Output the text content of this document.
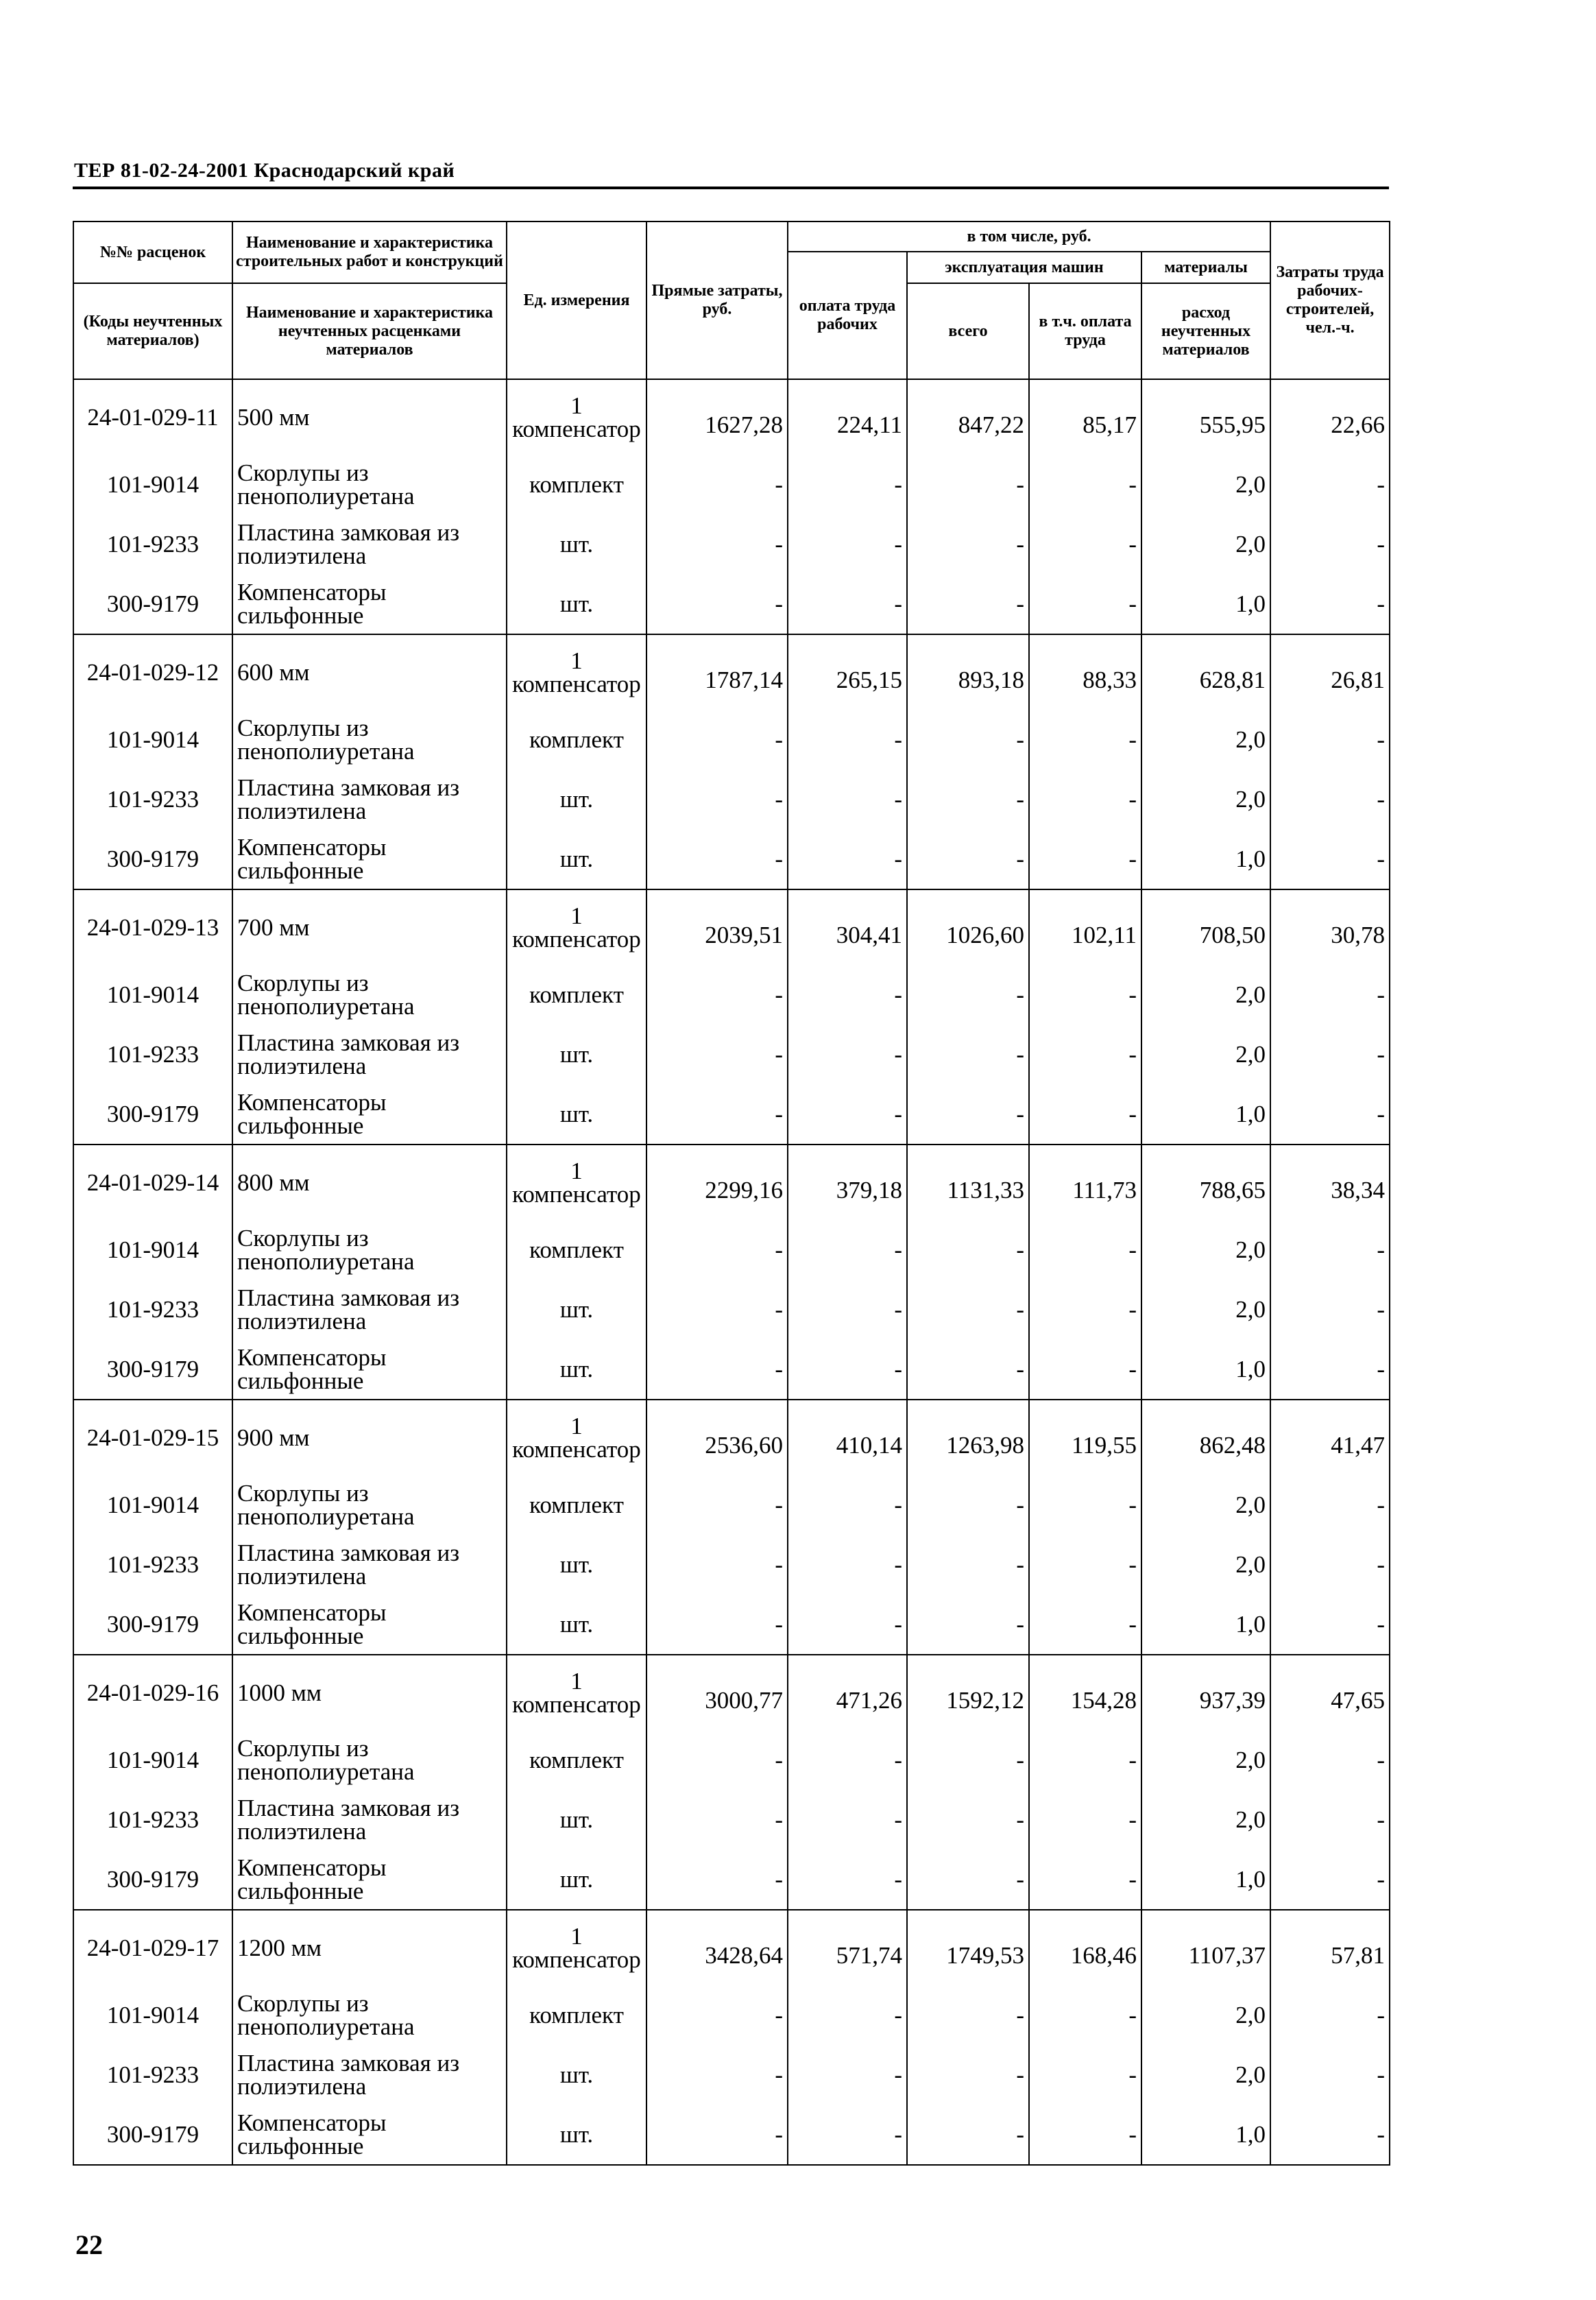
ТЕР 81-02-24-2001 Краснодарский край
№№ расценок	Наименование и характеристика строительных работ и конструкций	Ед. измерения	Прямые затраты, руб.	в том числе, руб.				Затраты труда рабочих-строителей, чел.-ч.
				оплата труда рабочих	эксплуатация машин		материалы	
					всего	в т.ч. оплата труда	расход неучтенных материалов	
(Коды неучтенных материалов)	Наименование и характеристика неучтенных расценками материалов							
24-01-029-11	500 мм	1 компенсатор	1627,28	224,11	847,22	85,17	555,95	22,66
101-9014	Скорлупы из пенополиуретана	комплект	-	-	-	-	2,0	-
101-9233	Пластина замковая из полиэтилена	шт.	-	-	-	-	2,0	-
300-9179	Компенсаторы сильфонные	шт.	-	-	-	-	1,0	-
24-01-029-12	600 мм	1 компенсатор	1787,14	265,15	893,18	88,33	628,81	26,81
101-9014	Скорлупы из пенополиуретана	комплект	-	-	-	-	2,0	-
101-9233	Пластина замковая из полиэтилена	шт.	-	-	-	-	2,0	-
300-9179	Компенсаторы сильфонные	шт.	-	-	-	-	1,0	-
24-01-029-13	700 мм	1 компенсатор	2039,51	304,41	1026,60	102,11	708,50	30,78
101-9014	Скорлупы из пенополиуретана	комплект	-	-	-	-	2,0	-
101-9233	Пластина замковая из полиэтилена	шт.	-	-	-	-	2,0	-
300-9179	Компенсаторы сильфонные	шт.	-	-	-	-	1,0	-
24-01-029-14	800 мм	1 компенсатор	2299,16	379,18	1131,33	111,73	788,65	38,34
101-9014	Скорлупы из пенополиуретана	комплект	-	-	-	-	2,0	-
101-9233	Пластина замковая из полиэтилена	шт.	-	-	-	-	2,0	-
300-9179	Компенсаторы сильфонные	шт.	-	-	-	-	1,0	-
24-01-029-15	900 мм	1 компенсатор	2536,60	410,14	1263,98	119,55	862,48	41,47
101-9014	Скорлупы из пенополиуретана	комплект	-	-	-	-	2,0	-
101-9233	Пластина замковая из полиэтилена	шт.	-	-	-	-	2,0	-
300-9179	Компенсаторы сильфонные	шт.	-	-	-	-	1,0	-
24-01-029-16	1000 мм	1 компенсатор	3000,77	471,26	1592,12	154,28	937,39	47,65
101-9014	Скорлупы из пенополиуретана	комплект	-	-	-	-	2,0	-
101-9233	Пластина замковая из полиэтилена	шт.	-	-	-	-	2,0	-
300-9179	Компенсаторы сильфонные	шт.	-	-	-	-	1,0	-
24-01-029-17	1200 мм	1 компенсатор	3428,64	571,74	1749,53	168,46	1107,37	57,81
101-9014	Скорлупы из пенополиуретана	комплект	-	-	-	-	2,0	-
101-9233	Пластина замковая из полиэтилена	шт.	-	-	-	-	2,0	-
300-9179	Компенсаторы сильфонные	шт.	-	-	-	-	1,0	-
22
